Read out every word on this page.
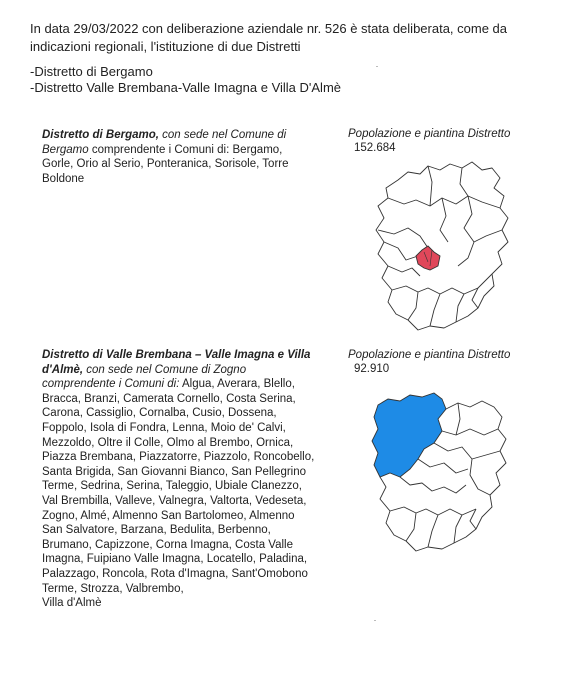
In data 29/03/2022 con deliberazione aziendale nr. 526 è stata deliberata, come da indicazioni regionali, l'istituzione di due Distretti

-Distretto di Bergamo
-Distretto Valle Brembana-Valle Imagna e Villa D'Almè
Distretto di Bergamo, con sede nel Comune di Bergamo comprendente i Comuni di: Bergamo, Gorle, Orio al Serio, Ponteranica, Sorisole, Torre Boldone
Popolazione e piantina Distretto
152.684
Distretto di Valle Brembana – Valle Imagna e Villa d'Almè, con sede nel Comune di Zogno comprendente i Comuni di: Algua, Averara, Blello, Bracca, Branzi, Camerata Cornello, Costa Serina, Carona, Cassiglio, Cornalba, Cusio, Dossena, Foppolo, Isola di Fondra, Lenna, Moio de' Calvi, Mezzoldo, Oltre il Colle, Olmo al Brembo, Ornica, Piazza Brembana, Piazzatorre, Piazzolo, Roncobello, Santa Brigida, San Giovanni Bianco, San Pellegrino Terme, Sedrina, Serina, Taleggio, Ubiale Clanezzo, Val Brembilla, Valleve, Valnegra, Valtorta, Vedeseta, Zogno, Almé, Almenno San Bartolomeo, Almenno San Salvatore, Barzana, Bedulita, Berbenno, Brumano, Capizzone, Corna Imagna, Costa Valle Imagna, Fuipiano Valle Imagna, Locatello, Paladina, Palazzago, Roncola, Rota d'Imagna, Sant'Omobono Terme, Strozza, Valbrembo,
Villa d'Almè
Popolazione e piantina Distretto
92.910
